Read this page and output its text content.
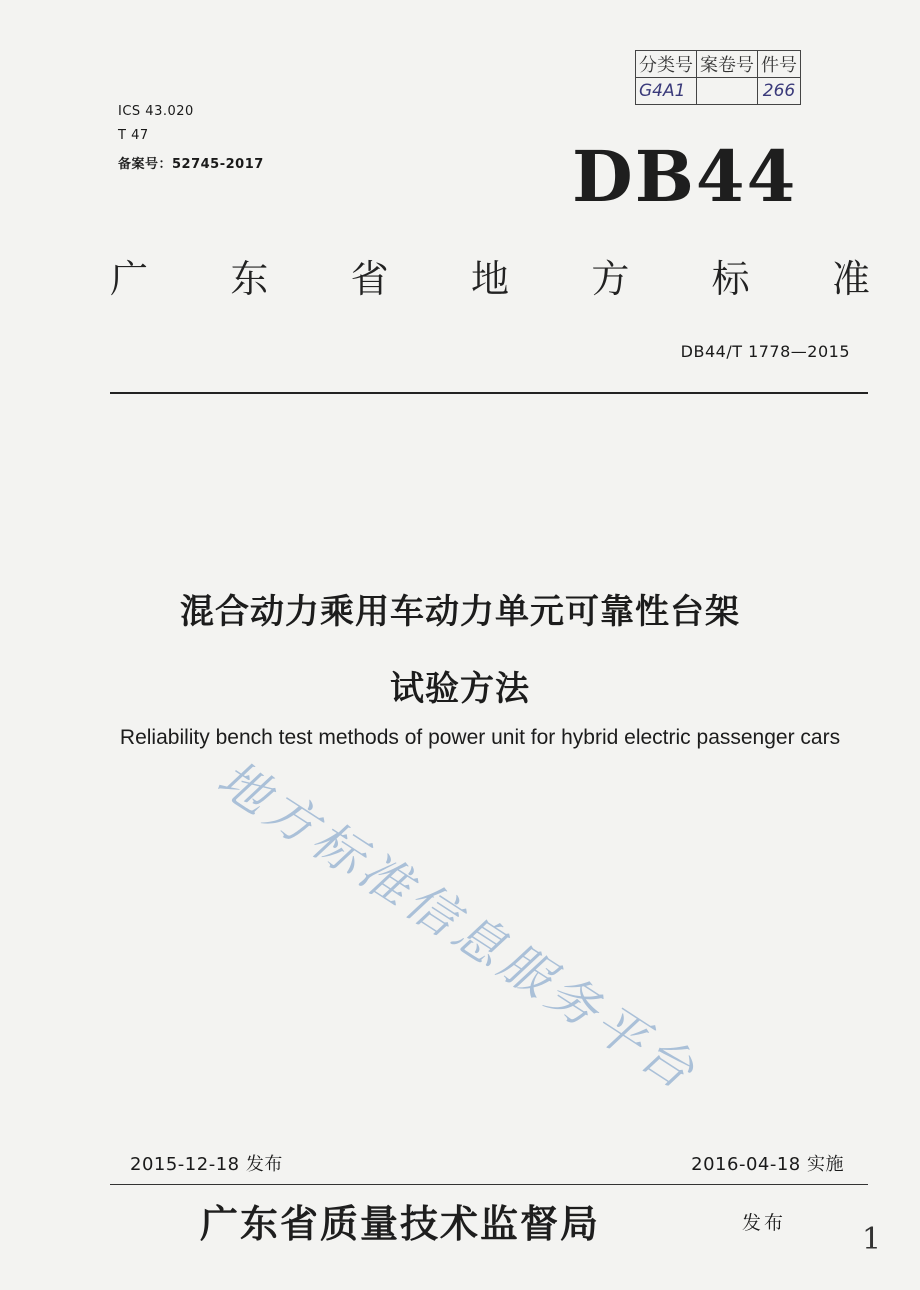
分类号	案卷号	件号
G4A1		266
ICS 43.020
T 47
备案号：52745-2017	DB44
广 东 省 地 方 标 准
DB44/T 1778—2015
混合动力乘用车动力单元可靠性台架
试验方法
Reliability bench test methods of power unit for hybrid electric passenger cars
地方标准信息服务平台
2015-12-18 发布	2016-04-18 实施
广东省质量技术监督局	发布	1
